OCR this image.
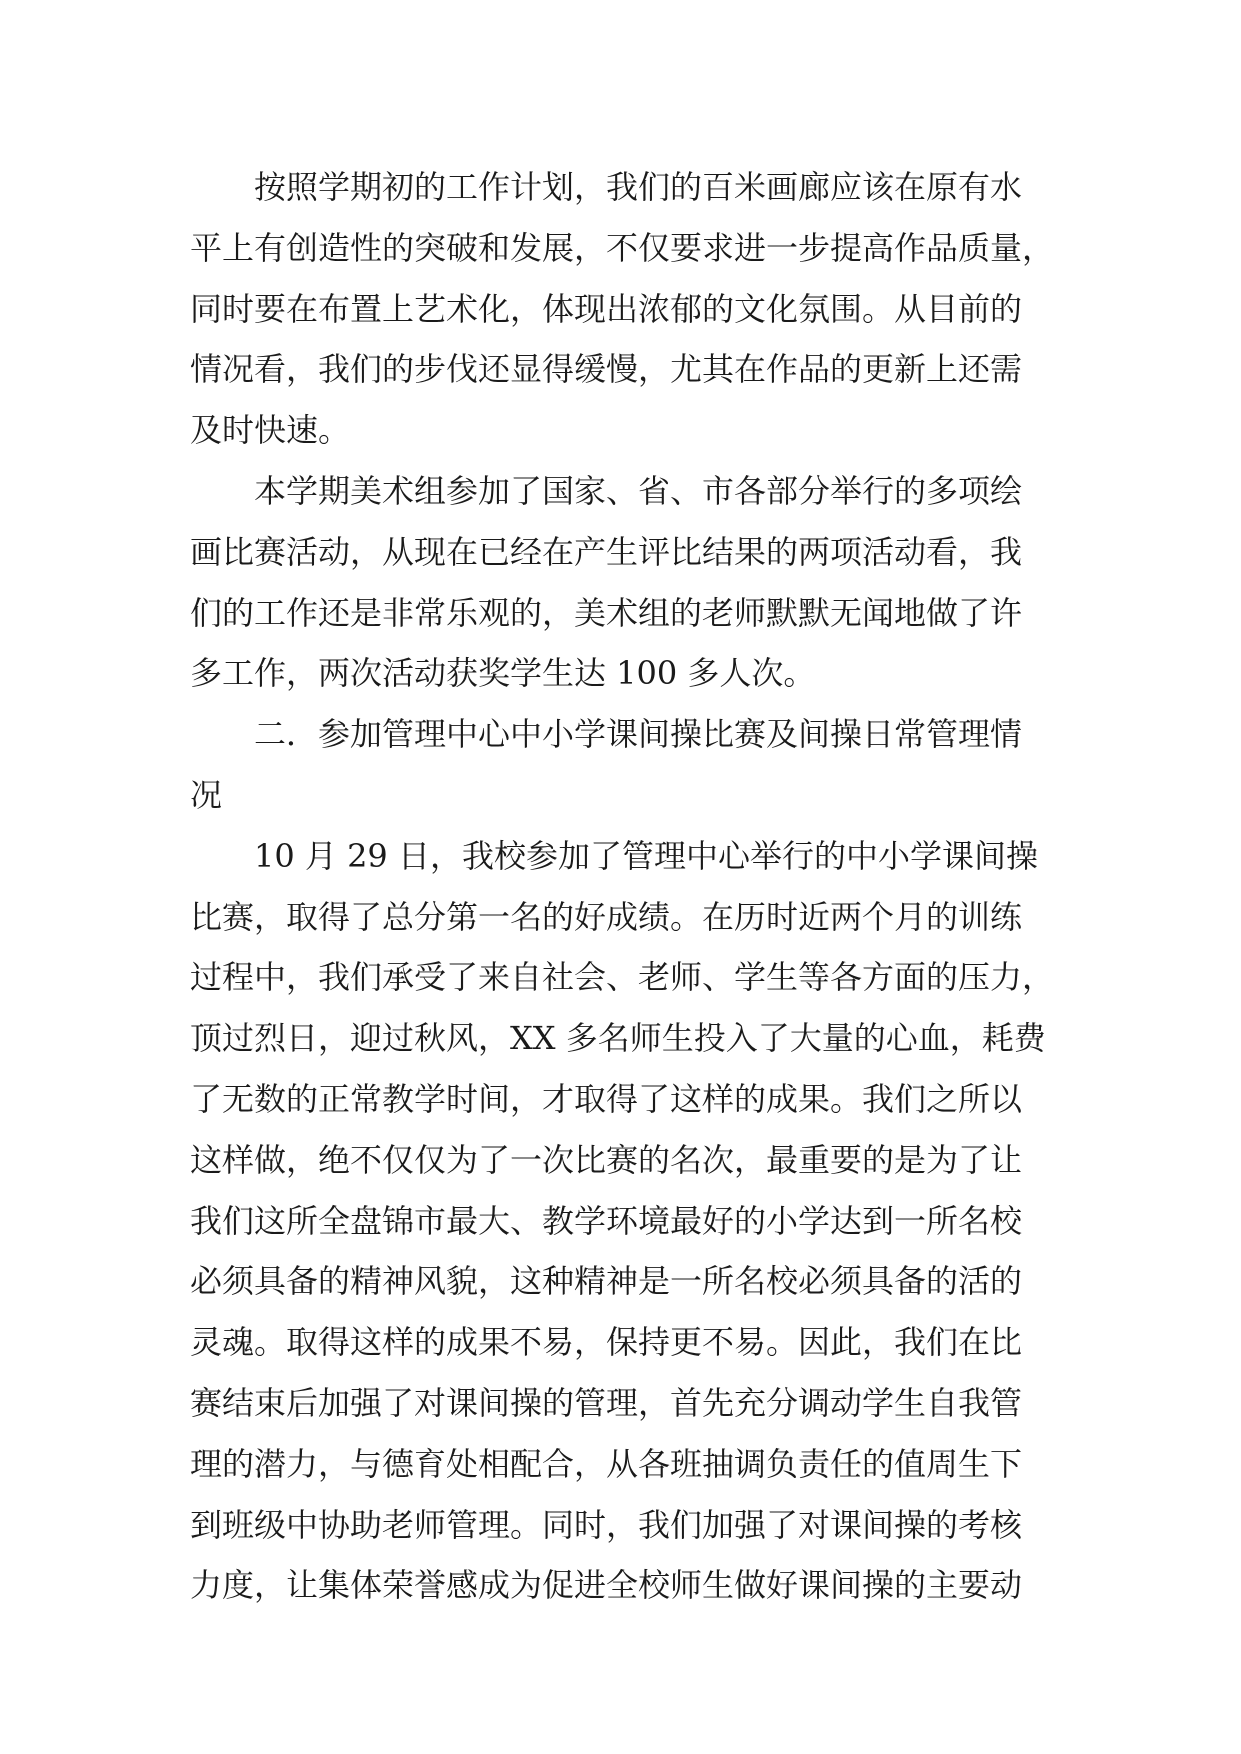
　　按照学期初的工作计划，我们的百米画廊应该在原有水
平上有创造性的突破和发展，不仅要求进一步提高作品质量，
同时要在布置上艺术化，体现出浓郁的文化氛围。从目前的
情况看，我们的步伐还显得缓慢，尤其在作品的更新上还需
及时快速。
　　本学期美术组参加了国家、省、市各部分举行的多项绘
画比赛活动，从现在已经在产生评比结果的两项活动看，我
们的工作还是非常乐观的，美术组的老师默默无闻地做了许
多工作，两次活动获奖学生达 100 多人次。
　　二．参加管理中心中小学课间操比赛及间操日常管理情
况
　　10 月 29 日，我校参加了管理中心举行的中小学课间操
比赛，取得了总分第一名的好成绩。在历时近两个月的训练
过程中，我们承受了来自社会、老师、学生等各方面的压力，
顶过烈日，迎过秋风，XX 多名师生投入了大量的心血，耗费
了无数的正常教学时间，才取得了这样的成果。我们之所以
这样做，绝不仅仅为了一次比赛的名次，最重要的是为了让
我们这所全盘锦市最大、教学环境最好的小学达到一所名校
必须具备的精神风貌，这种精神是一所名校必须具备的活的
灵魂。取得这样的成果不易，保持更不易。因此，我们在比
赛结束后加强了对课间操的管理，首先充分调动学生自我管
理的潜力，与德育处相配合，从各班抽调负责任的值周生下
到班级中协助老师管理。同时，我们加强了对课间操的考核
力度，让集体荣誉感成为促进全校师生做好课间操的主要动
